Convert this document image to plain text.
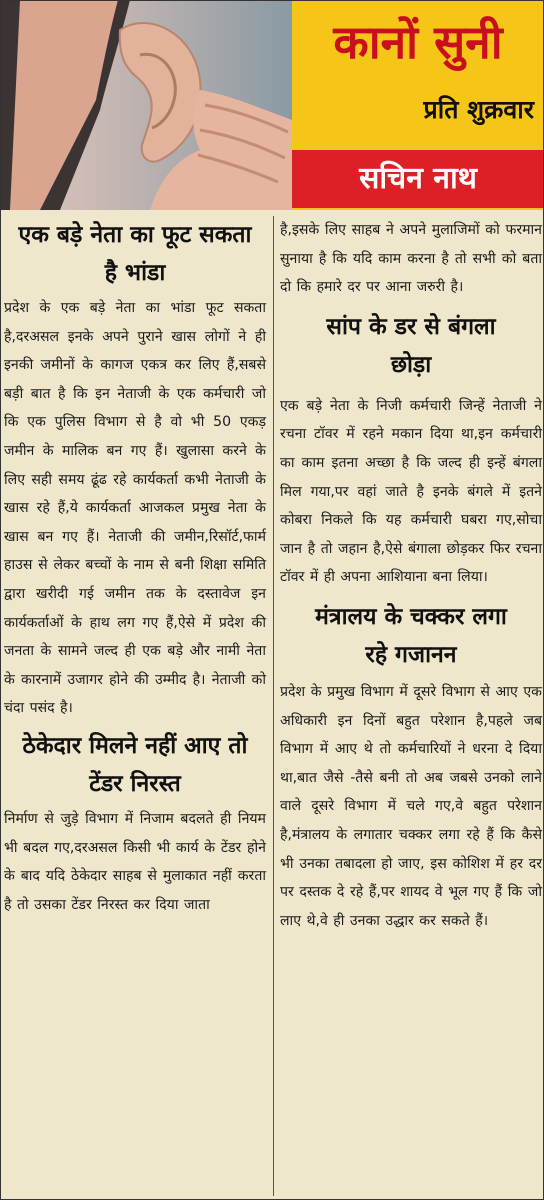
कानों सुनी
प्रति शुक्रवार
सचिन नाथ
एक बड़े नेता का फूट सकता है भांडा

प्रदेश के एक बड़े नेता का भांडा फूट सकता है,दरअसल इनके अपने पुराने खास लोगों ने ही इनकी जमीनों के कागज एकत्र कर लिए हैं,सबसे बड़ी बात है कि इन नेताजी के एक कर्मचारी जो कि एक पुलिस विभाग से है वो भी 50 एकड़ जमीन के मालिक बन गए हैं। खुलासा करने के लिए सही समय ढूंढ रहे कार्यकर्ता कभी नेताजी के खास रहे हैं,ये कार्यकर्ता आजकल प्रमुख नेता के खास बन गए हैं। नेताजी की जमीन,रिसॉर्ट,फार्म हाउस से लेकर बच्चों के नाम से बनी शिक्षा समिति द्वारा खरीदी गई जमीन तक के दस्तावेज इन कार्यकर्ताओं के हाथ लग गए हैं,ऐसे में प्रदेश की जनता के सामने जल्द ही एक बड़े और नामी नेता के कारनामें उजागर होने की उम्मीद है। नेताजी को चंदा पसंद है।

ठेकेदार मिलने नहीं आए तो टेंडर निरस्त

निर्माण से जुड़े विभाग में निजाम बदलते ही नियम भी बदल गए,दरअसल किसी भी कार्य के टेंडर होने के बाद यदि ठेकेदार साहब से मुलाकात नहीं करता है तो उसका टेंडर निरस्त कर दिया जाता

है,इसके लिए साहब ने अपने मुलाजिमों को फरमान सुनाया है कि यदि काम करना है तो सभी को बता दो कि हमारे दर पर आना जरुरी है।

सांप के डर से बंगला छोड़ा

एक बड़े नेता के निजी कर्मचारी जिन्हें नेताजी ने रचना टॉवर में रहने मकान दिया था,इन कर्मचारी का काम इतना अच्छा है कि जल्द ही इन्हें बंगला मिल गया,पर वहां जाते है इनके बंगले में इतने कोबरा निकले कि यह कर्मचारी घबरा गए,सोचा जान है तो जहान है,ऐसे बंगाला छोड़कर फिर रचना टॉवर में ही अपना आशियाना बना लिया।

मंत्रालय के चक्कर लगा रहे गजानन

प्रदेश के प्रमुख विभाग में दूसरे विभाग से आए एक अधिकारी इन दिनों बहुत परेशान है,पहले जब विभाग में आए थे तो कर्मचारियों ने धरना दे दिया था,बात जैसे -तैसे बनी तो अब जबसे उनको लाने वाले दूसरे विभाग में चले गए,वे बहुत परेशान है,मंत्रालय के लगातार चक्कर लगा रहे हैं कि कैसे भी उनका तबादला हो जाए, इस कोशिश में हर दर पर दस्तक दे रहे हैं,पर शायद वे भूल गए हैं कि जो लाए थे,वे ही उनका उद्धार कर सकते हैं।
